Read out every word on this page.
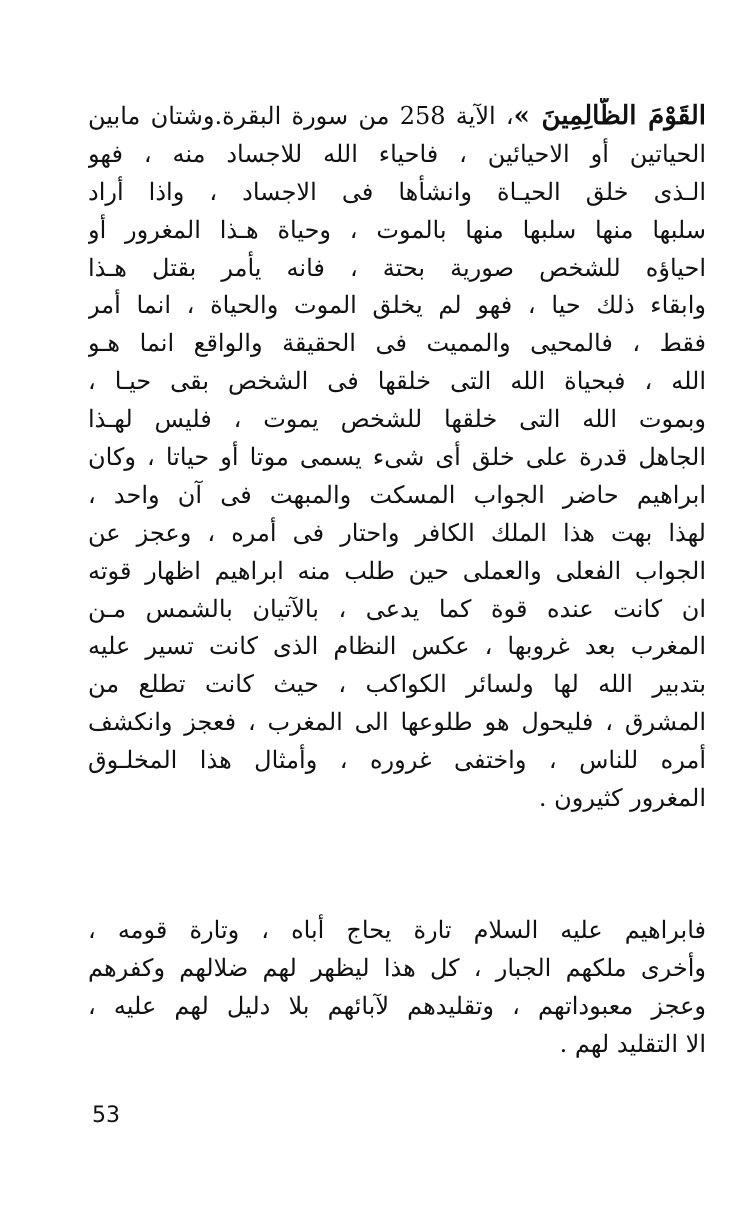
القَوْمَ الظَّالِمِينَ »، الآية 258 من سورة البقرة.وشتان مابين
الحياتين أو الاحيائين ، فاحياء الله للاجساد منه ، فهو
الـذى خلق الحيـاة وانشأها فى الاجساد ، واذا أراد
سلبها منها سلبها منها بالموت ، وحياة هـذا المغرور أو
احياؤه للشخص صورية بحتة ، فانه يأمر بقتل هـذا
وابقاء ذلك حيا ، فهو لم يخلق الموت والحياة ، انما أمر
فقط ، فالمحيى والمميت فى الحقيقة والواقع انما هـو
الله ، فبحياة الله التى خلقها فى الشخص بقى حيـا ،
وبموت الله التى خلقها للشخص يموت ، فليس لهـذا
الجاهل قدرة على خلق أى شىء يسمى موتا أو حياتا ، وكان
ابراهيم حاضر الجواب المسكت والمبهت فى آن واحد ،
لهذا بهت هذا الملك الكافر واحتار فى أمره ، وعجز عن
الجواب الفعلى والعملى حين طلب منه ابراهيم اظهار قوته
ان كانت عنده قوة كما يدعى ، بالآتيان بالشمس مـن
المغرب بعد غروبها ، عكس النظام الذى كانت تسير عليه
بتدبير الله لها ولسائر الكواكب ، حيث كانت تطلع من
المشرق ، فليحول هو طلوعها الى المغرب ، فعجز وانكشف
أمره للناس ، واختفى غروره ، وأمثال هذا المخلـوق
المغرور كثيرون .
فابراهيم عليه السلام تارة يحاج أباه ، وتارة قومه ،
وأخرى ملكهم الجبار ، كل هذا ليظهر لهم ضلالهم وكفرهم
وعجز معبوداتهم ، وتقليدهم لآبائهم بلا دليل لهم عليه ،
الا التقليد لهم .
53
